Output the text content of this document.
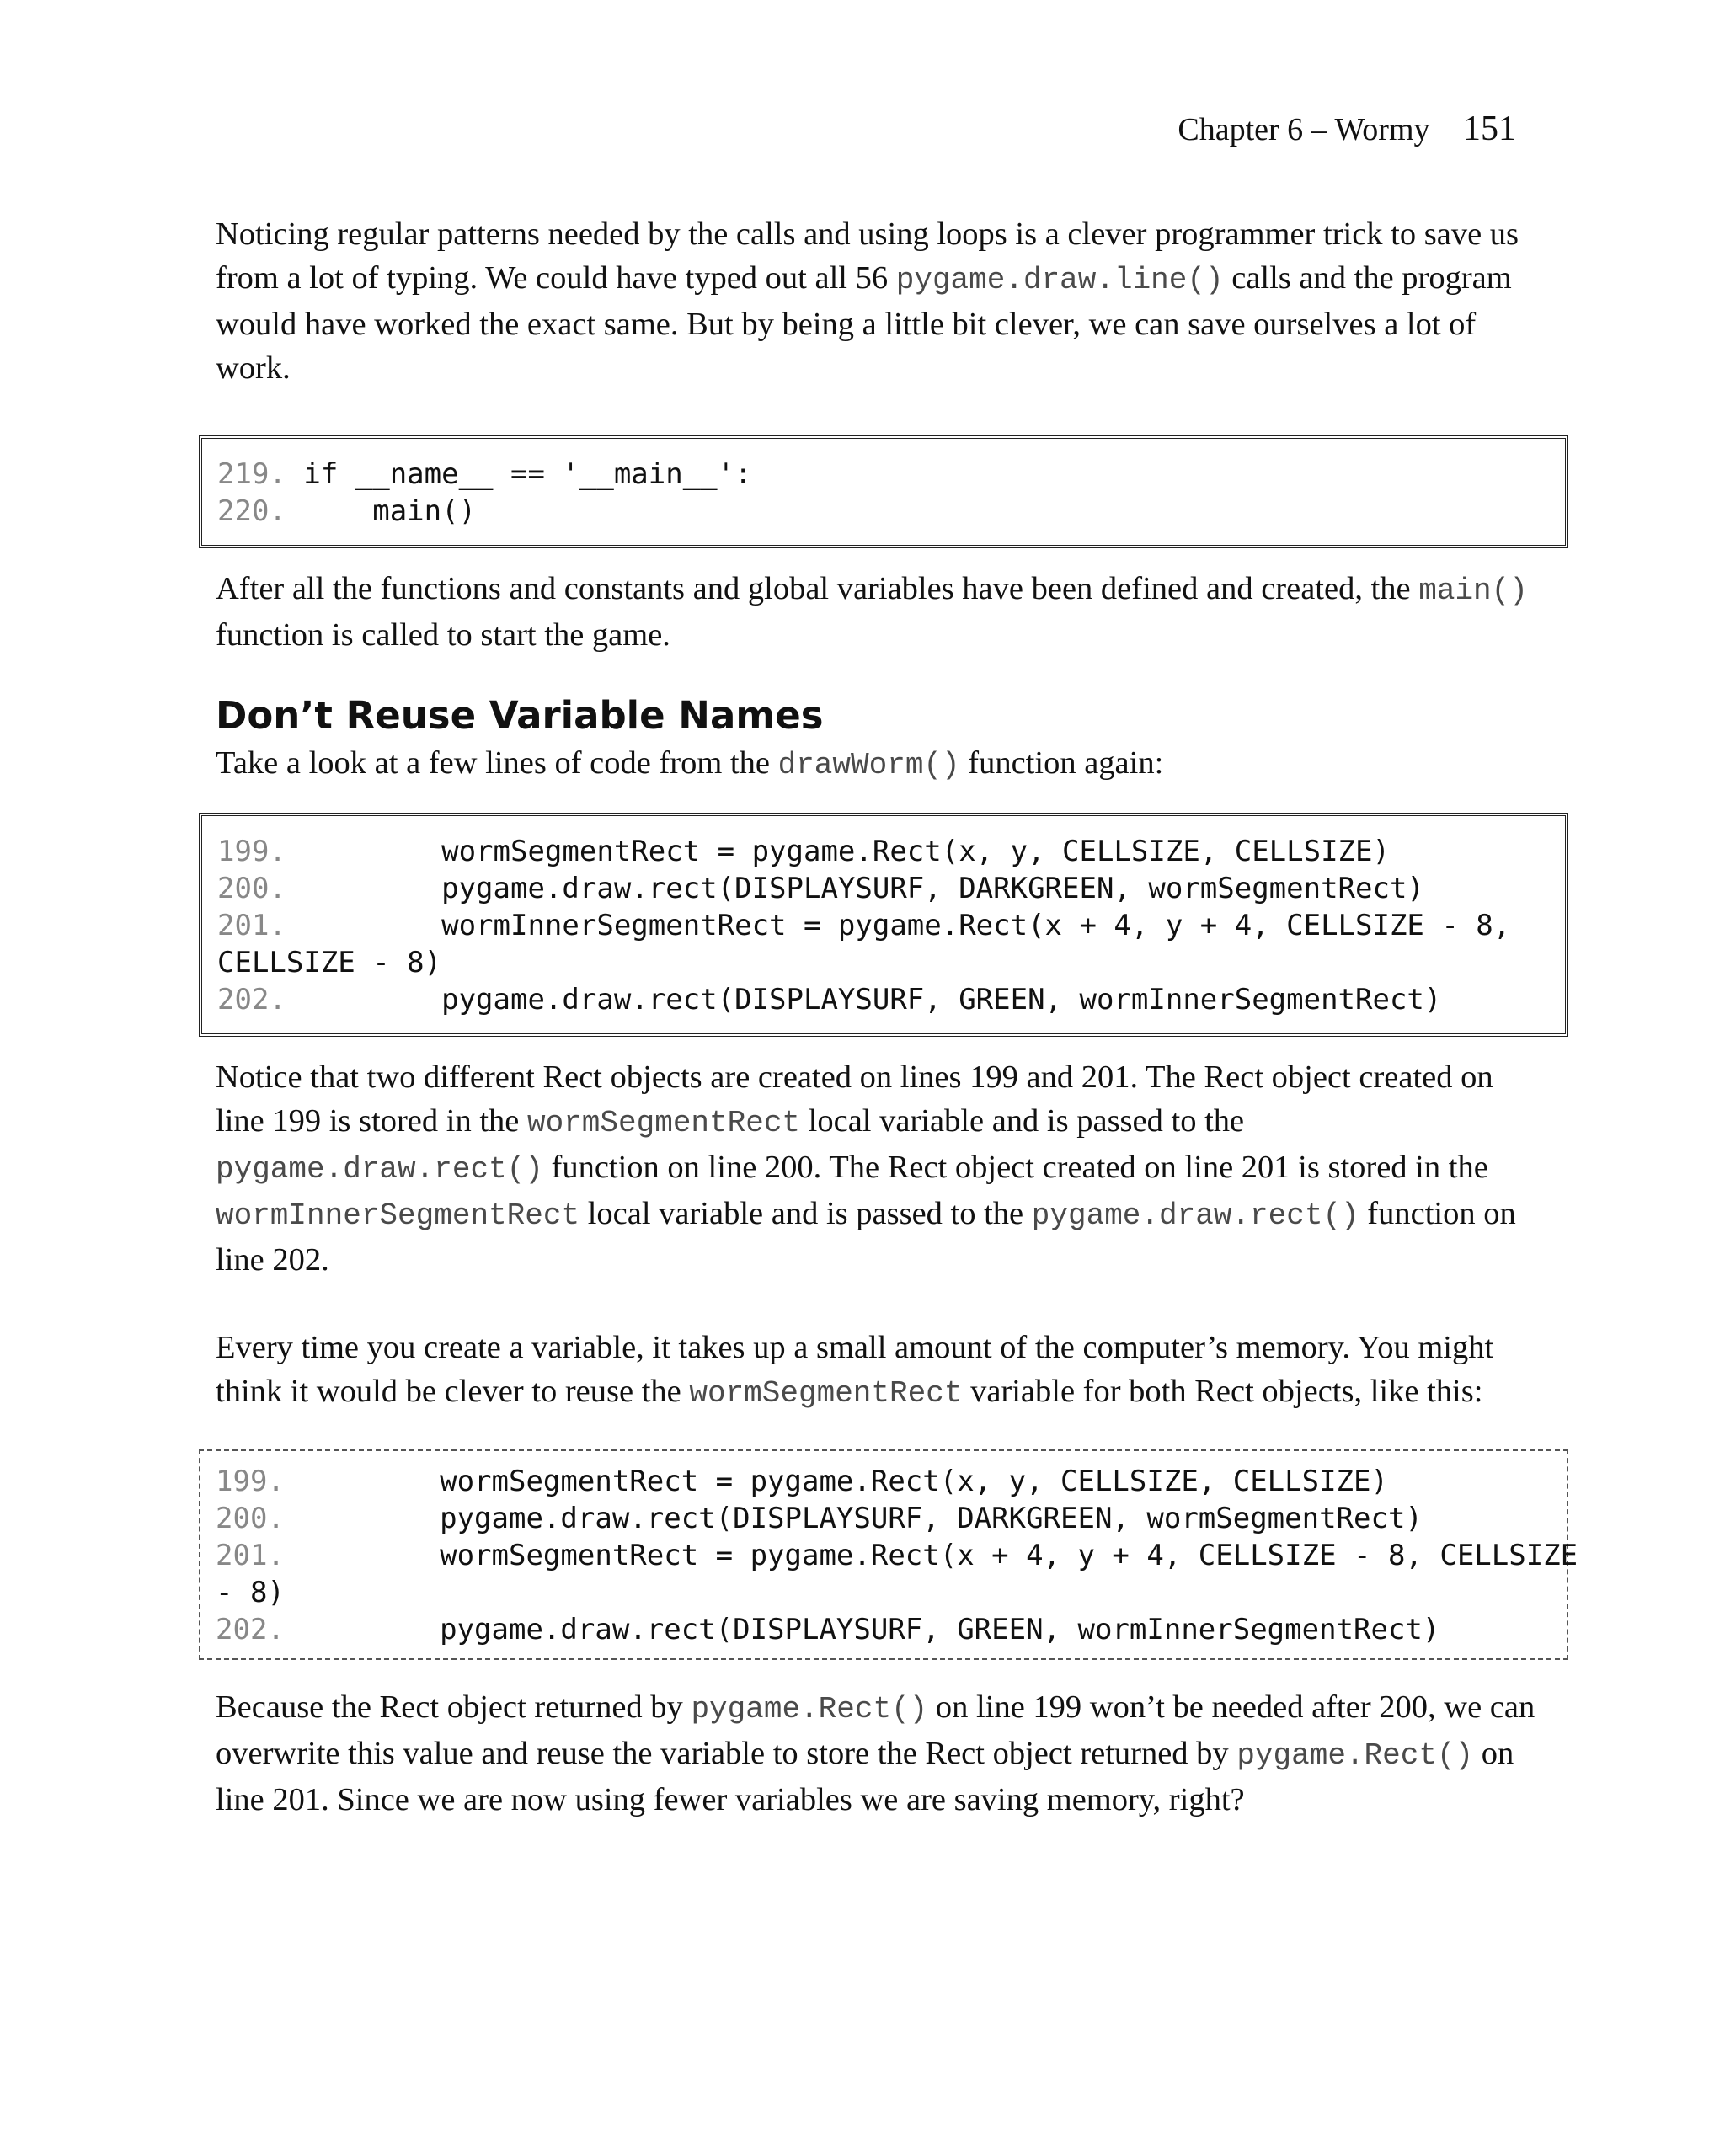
Chapter 6 – Wormy 151

Noticing regular patterns needed by the calls and using loops is a clever programmer trick to save us from a lot of typing. We could have typed out all 56 pygame.draw.line() calls and the program would have worked the exact same. But by being a little bit clever, we can save ourselves a lot of work.

219. if __name__ == '__main__':
220.     main()

After all the functions and constants and global variables have been defined and created, the main() function is called to start the game.

Don’t Reuse Variable Names

Take a look at a few lines of code from the drawWorm() function again:

199.         wormSegmentRect = pygame.Rect(x, y, CELLSIZE, CELLSIZE)
200.         pygame.draw.rect(DISPLAYSURF, DARKGREEN, wormSegmentRect)
201.         wormInnerSegmentRect = pygame.Rect(x + 4, y + 4, CELLSIZE - 8,
CELLSIZE - 8)
202.         pygame.draw.rect(DISPLAYSURF, GREEN, wormInnerSegmentRect)

Notice that two different Rect objects are created on lines 199 and 201. The Rect object created on line 199 is stored in the wormSegmentRect local variable and is passed to the pygame.draw.rect() function on line 200. The Rect object created on line 201 is stored in the wormInnerSegmentRect local variable and is passed to the pygame.draw.rect() function on line 202.

Every time you create a variable, it takes up a small amount of the computer’s memory. You might think it would be clever to reuse the wormSegmentRect variable for both Rect objects, like this:

199.         wormSegmentRect = pygame.Rect(x, y, CELLSIZE, CELLSIZE)
200.         pygame.draw.rect(DISPLAYSURF, DARKGREEN, wormSegmentRect)
201.         wormSegmentRect = pygame.Rect(x + 4, y + 4, CELLSIZE - 8, CELLSIZE
- 8)
202.         pygame.draw.rect(DISPLAYSURF, GREEN, wormInnerSegmentRect)

Because the Rect object returned by pygame.Rect() on line 199 won’t be needed after 200, we can overwrite this value and reuse the variable to store the Rect object returned by pygame.Rect() on line 201. Since we are now using fewer variables we are saving memory, right?
